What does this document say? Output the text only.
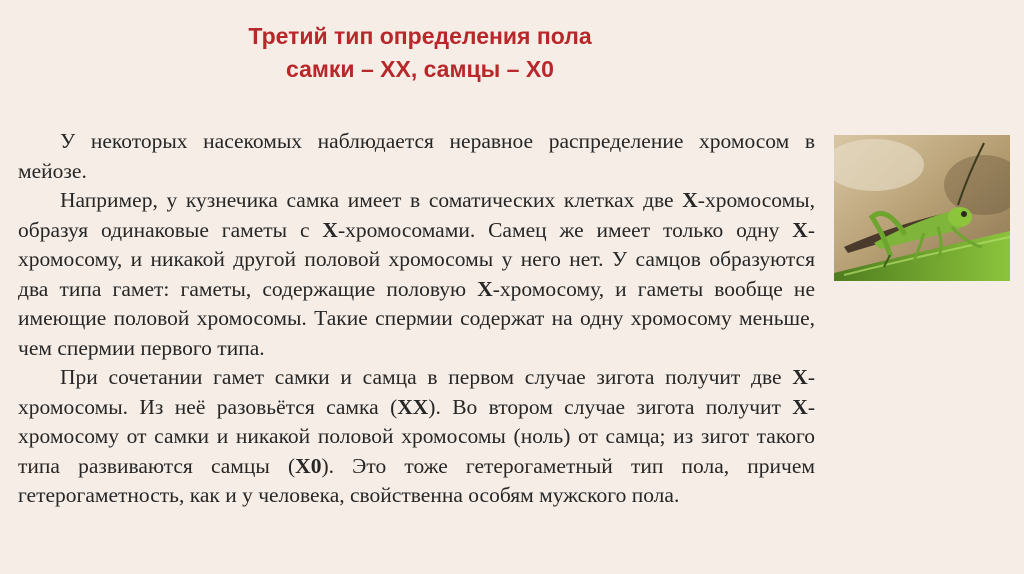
Третий тип определения пола
самки – XX, самцы – X0

У некоторых насекомых наблюдается неравное распределение хромосом в мейозе.

Например, у кузнечика самка имеет в соматических клетках две Х-хромосомы, образуя одинаковые гаметы с Х-хромосомами. Самец же имеет только одну Х-хромосому, и никакой другой половой хромосомы у него нет. У самцов образуются два типа гамет: гаметы, содержащие половую Х-хромосому, и гаметы вообще не имеющие половой хромосомы. Такие спермии содержат на одну хромосому меньше, чем спермии первого типа.

При сочетании гамет самки и самца в первом случае зигота получит две Х-хромосомы. Из неё разовьётся самка (ХХ). Во втором случае зигота получит Х-хромосому от самки и никакой половой хромосомы (ноль) от самца; из зигот такого типа развиваются самцы (Х0). Это тоже гетерогаметный тип пола, причем гетерогаметность, как и у человека, свойственна особям мужского пола.
